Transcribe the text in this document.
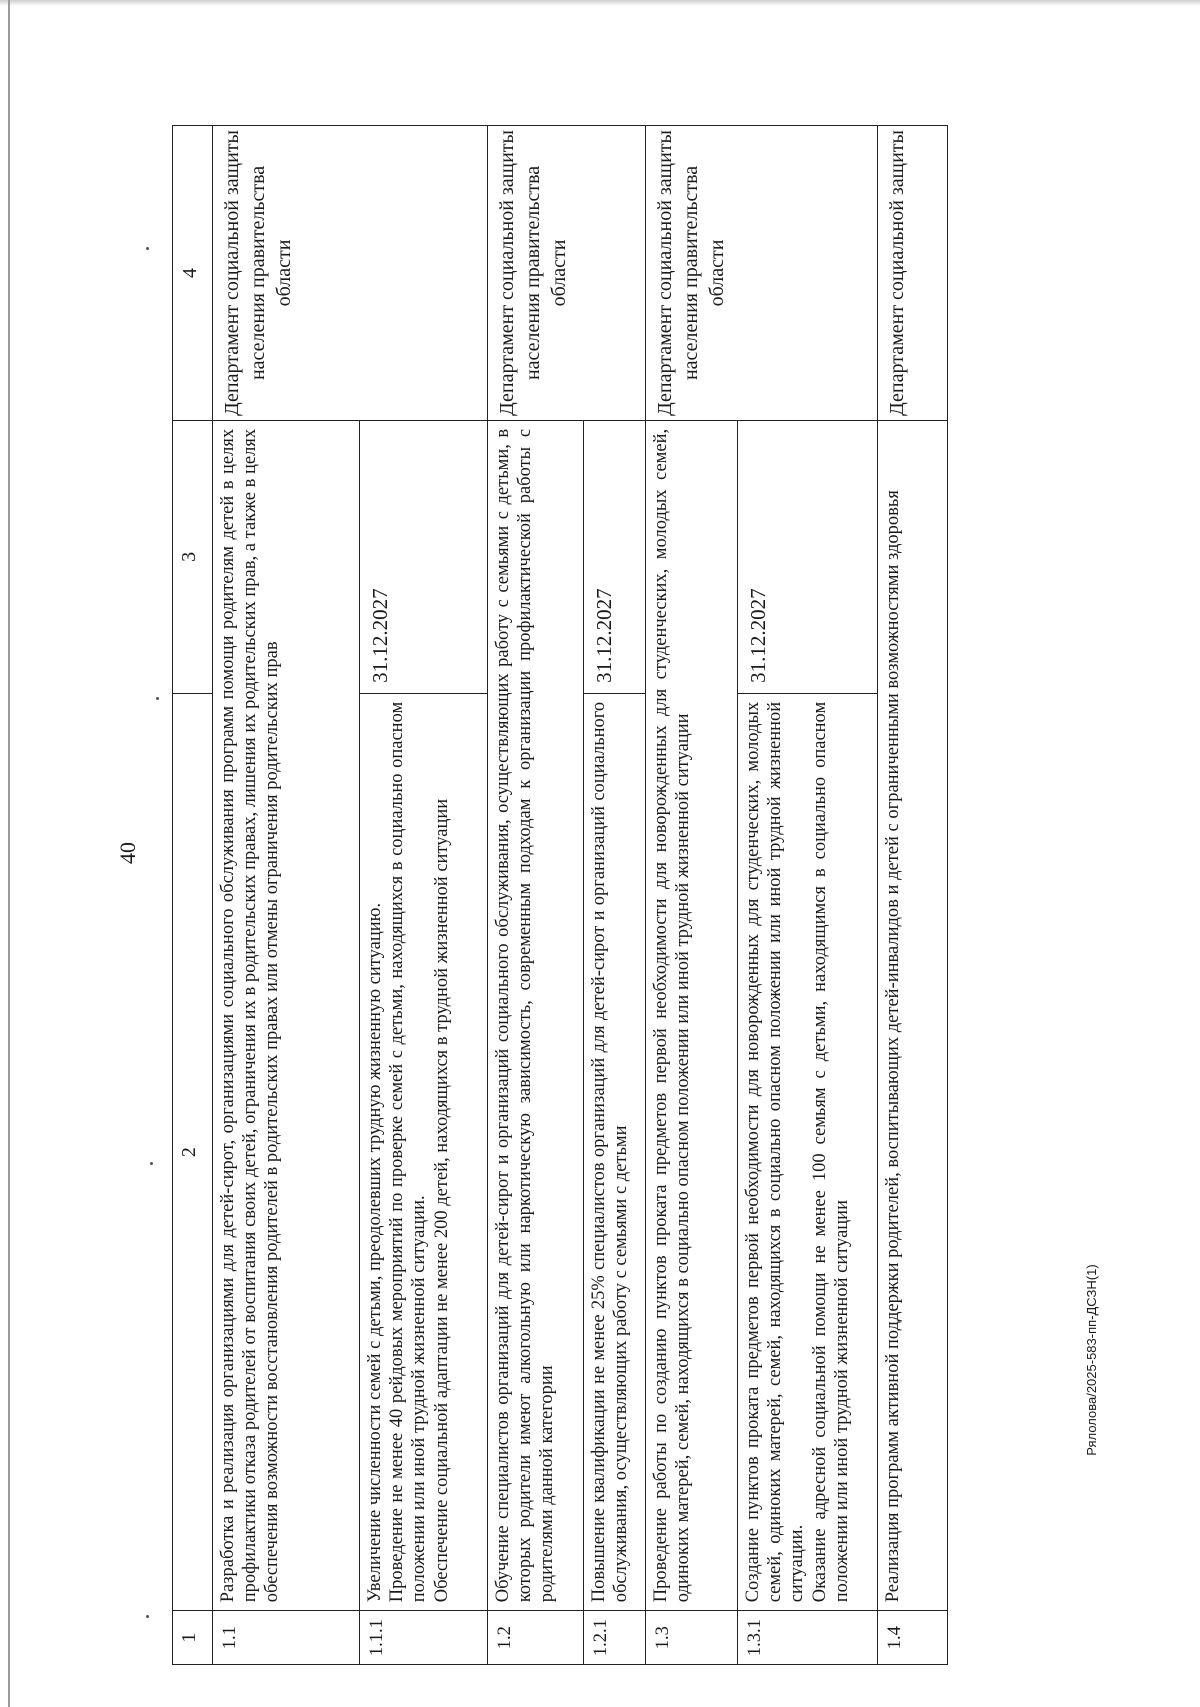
40
Рялолова/2025-583-пп-ДСЗН(1)
1	2	3	4
1.1	Разработка и реализация организациями для детей-сирот, организациями социального обслуживания программ помощи родителям детей в целях профилактики отказа родителей от воспитания своих детей, ограничения их в родительских правах, лишения их родительских прав, а также в целях обеспечения возможности восстановления родителей в родительских правах или отмены ограничения родительских прав		Департамент социальной защиты населения правительства области
1.1.1	Увеличение численности семей с детьми, преодолевших трудную жизненную ситуацию. Проведение не менее 40 рейдовых мероприятий по проверке семей с детьми, находящихся в социально опасном положении или иной трудной жизненной ситуации. Обеспечение социальной адаптации не менее 200 детей, находящихся в трудной жизненной ситуации	31.12.2027	
1.2	Обучение специалистов организаций для детей-сирот и организаций социального обслуживания, осуществляющих работу с семьями с детьми, в которых родители имеют алкогольную или наркотическую зависимость, современным подходам к организации профилактической работы с родителями данной категории		Департамент социальной защиты населения правительства области
1.2.1	Повышение квалификации не менее 25% специалистов организаций для детей-сирот и организаций социального обслуживания, осуществляющих работу с семьями с детьми	31.12.2027	
1.3	Проведение работы по созданию пунктов проката предметов первой необходимости для новорожденных для студенческих, молодых семей, одиноких матерей, семей, находящихся в социально опасном положении или иной трудной жизненной ситуации		Департамент социальной защиты населения правительства области
1.3.1	Создание пунктов проката предметов первой необходимости для новорожденных для студенческих, молодых семей, одиноких матерей, семей, находящихся в социально опасном положении или иной трудной жизненной ситуации. Оказание адресной социальной помощи не менее 100 семьям с детьми, находящимся в социально опасном положении или иной трудной жизненной ситуации	31.12.2027	
1.4	Реализация программ активной поддержки родителей, воспитывающих детей-инвалидов и детей с ограниченными возможностями здоровья		Департамент социальной защиты
